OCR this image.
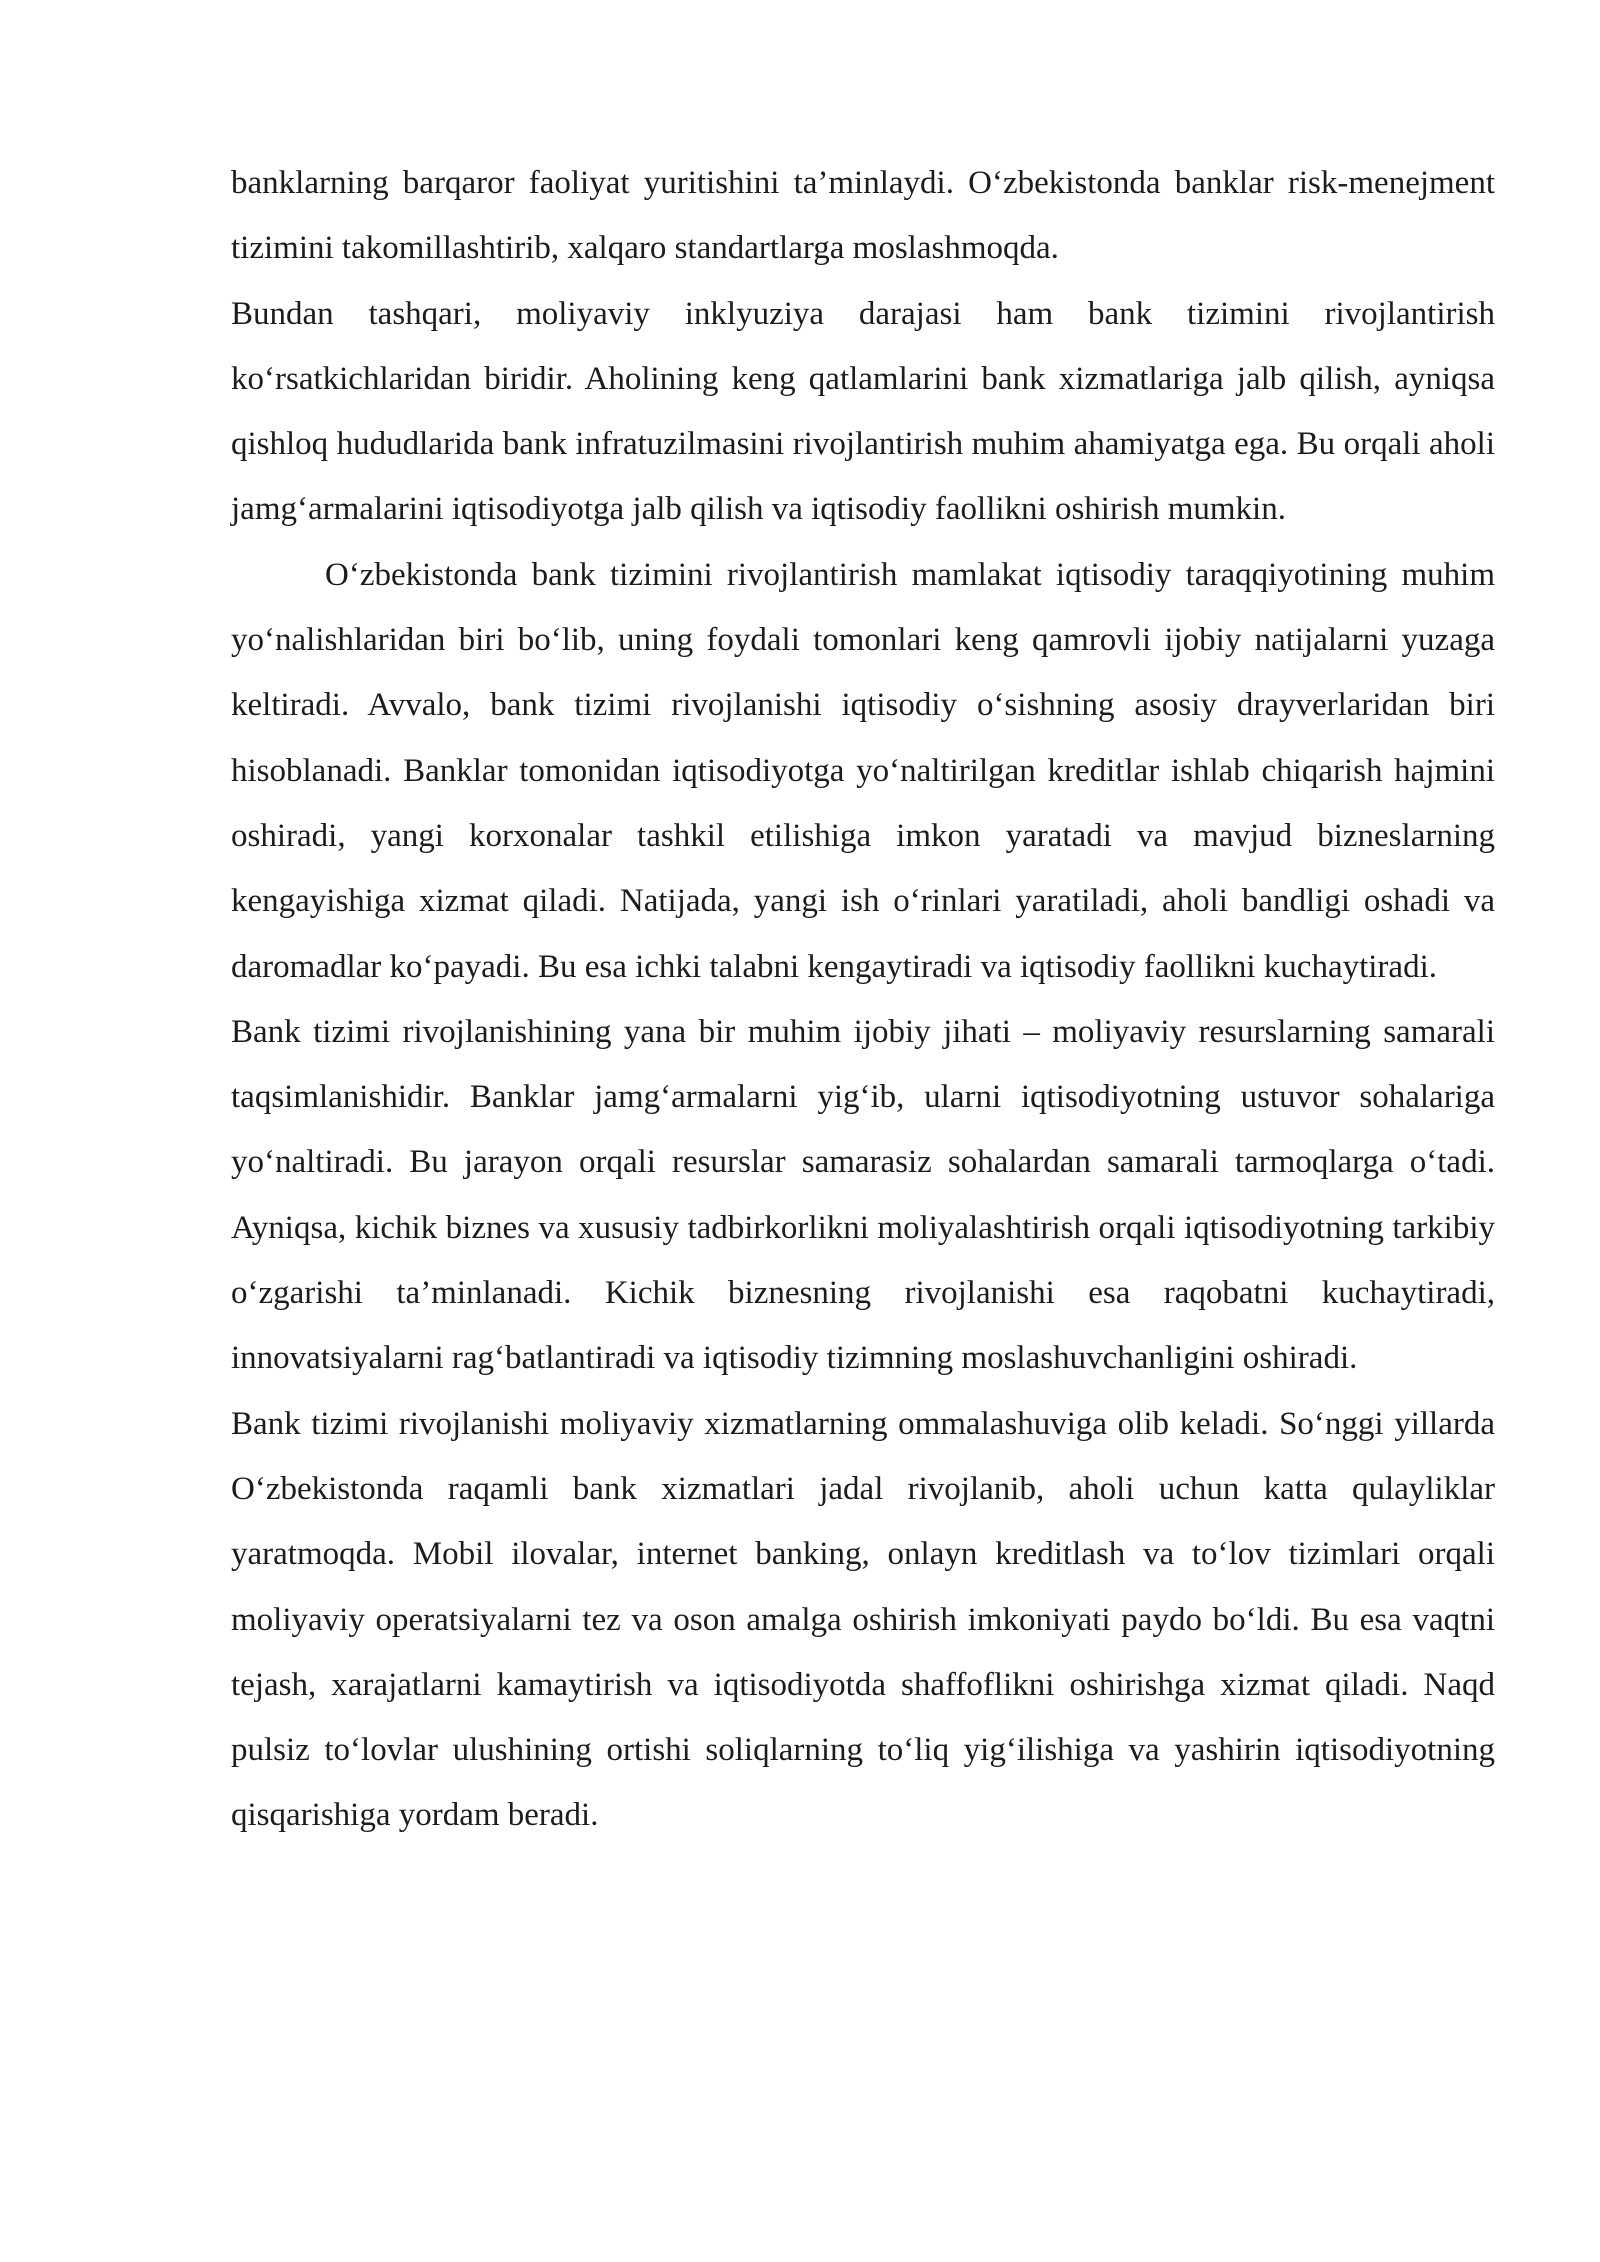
banklarning barqaror faoliyat yuritishini ta’minlaydi. O‘zbekistonda banklar risk-menejment tizimini takomillashtirib, xalqaro standartlarga moslashmoqda.

Bundan tashqari, moliyaviy inklyuziya darajasi ham bank tizimini rivojlantirish ko‘rsatkichlaridan biridir. Aholining keng qatlamlarini bank xizmatlariga jalb qilish, ayniqsa qishloq hududlarida bank infratuzilmasini rivojlantirish muhim ahamiyatga ega. Bu orqali aholi jamg‘armalarini iqtisodiyotga jalb qilish va iqtisodiy faollikni oshirish mumkin.

O‘zbekistonda bank tizimini rivojlantirish mamlakat iqtisodiy taraqqiyotining muhim yo‘nalishlaridan biri bo‘lib, uning foydali tomonlari keng qamrovli ijobiy natijalarni yuzaga keltiradi. Avvalo, bank tizimi rivojlanishi iqtisodiy o‘sishning asosiy drayverlaridan biri hisoblanadi. Banklar tomonidan iqtisodiyotga yo‘naltirilgan kreditlar ishlab chiqarish hajmini oshiradi, yangi korxonalar tashkil etilishiga imkon yaratadi va mavjud bizneslarning kengayishiga xizmat qiladi. Natijada, yangi ish o‘rinlari yaratiladi, aholi bandligi oshadi va daromadlar ko‘payadi. Bu esa ichki talabni kengaytiradi va iqtisodiy faollikni kuchaytiradi.

Bank tizimi rivojlanishining yana bir muhim ijobiy jihati – moliyaviy resurslarning samarali taqsimlanishidir. Banklar jamg‘armalarni yig‘ib, ularni iqtisodiyotning ustuvor sohalariga yo‘naltiradi. Bu jarayon orqali resurslar samarasiz sohalardan samarali tarmoqlarga o‘tadi. Ayniqsa, kichik biznes va xususiy tadbirkorlikni moliyalashtirish orqali iqtisodiyotning tarkibiy o‘zgarishi ta’minlanadi. Kichik biznesning rivojlanishi esa raqobatni kuchaytiradi, innovatsiyalarni rag‘batlantiradi va iqtisodiy tizimning moslashuvchanligini oshiradi.

Bank tizimi rivojlanishi moliyaviy xizmatlarning ommalashuviga olib keladi. So‘nggi yillarda O‘zbekistonda raqamli bank xizmatlari jadal rivojlanib, aholi uchun katta qulayliklar yaratmoqda. Mobil ilovalar, internet banking, onlayn kreditlash va to‘lov tizimlari orqali moliyaviy operatsiyalarni tez va oson amalga oshirish imkoniyati paydo bo‘ldi. Bu esa vaqtni tejash, xarajatlarni kamaytirish va iqtisodiyotda shaffoflikni oshirishga xizmat qiladi. Naqd pulsiz to‘lovlar ulushining ortishi soliqlarning to‘liq yig‘ilishiga va yashirin iqtisodiyotning qisqarishiga yordam beradi.
